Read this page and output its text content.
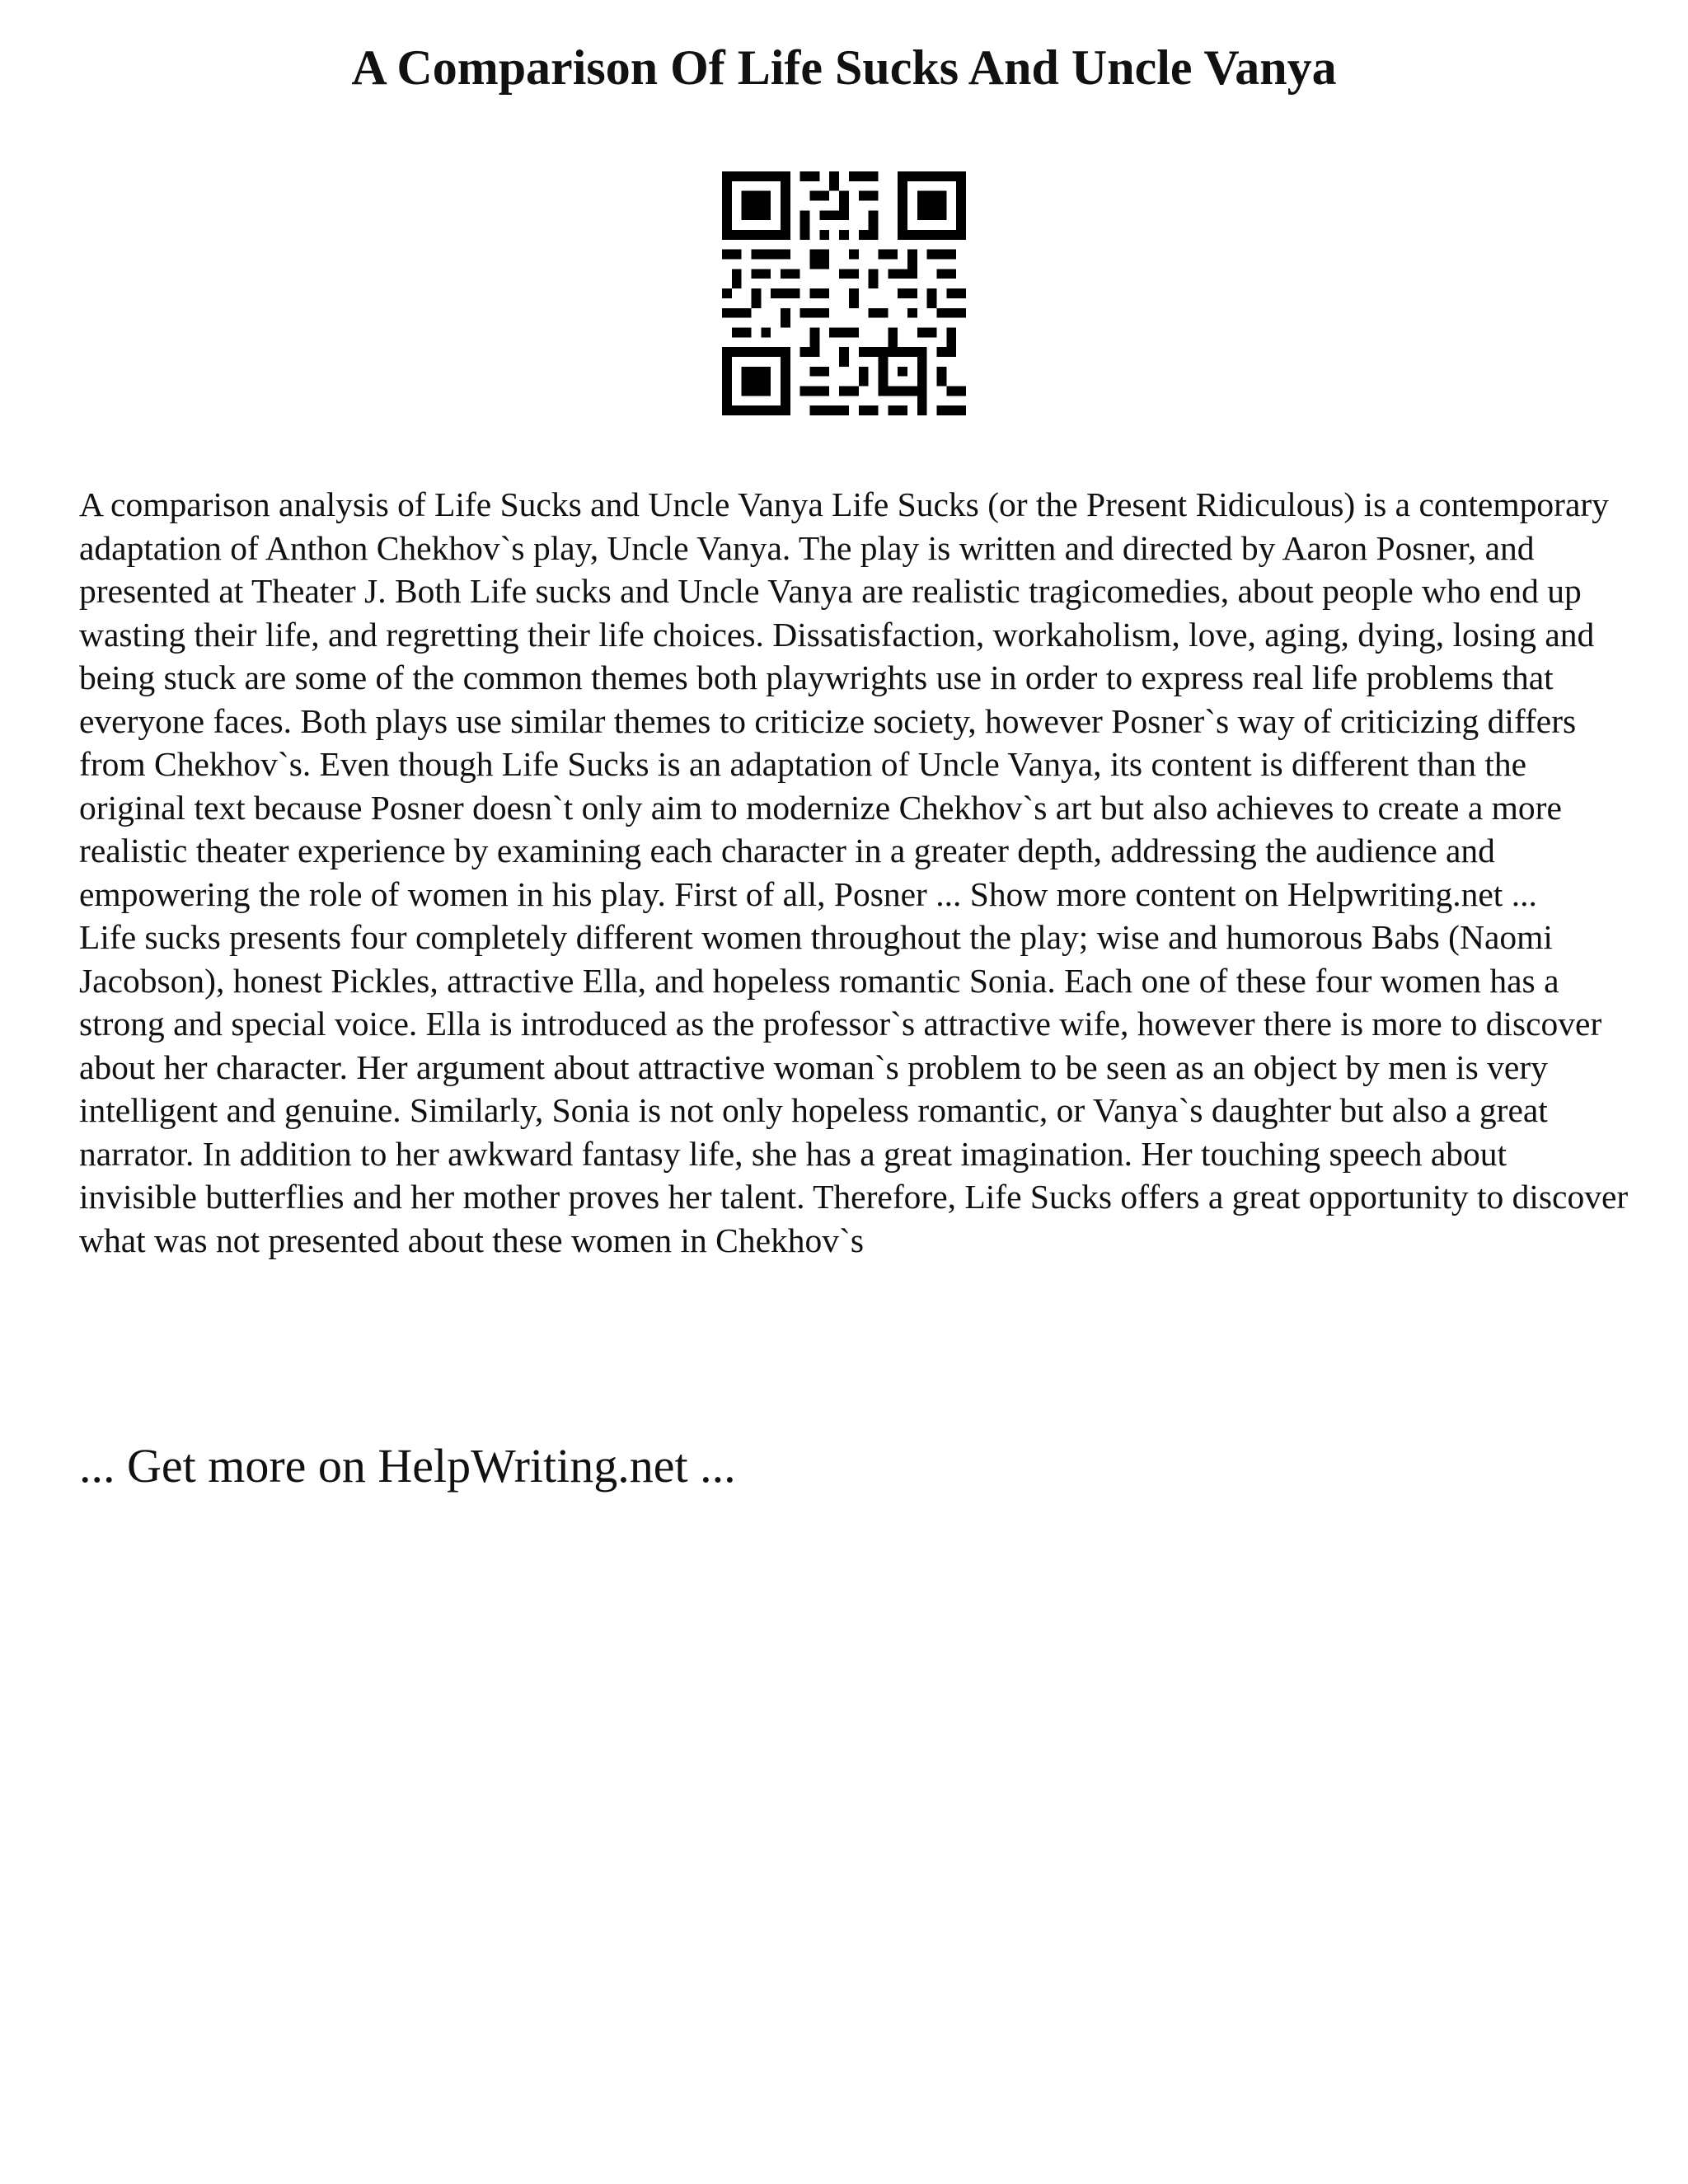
A Comparison Of Life Sucks And Uncle Vanya

A comparison analysis of Life Sucks and Uncle Vanya Life Sucks (or the Present Ridiculous) is a contemporary adaptation of Anthon Chekhov`s play, Uncle Vanya. The play is written and directed by Aaron Posner, and presented at Theater J. Both Life sucks and Uncle Vanya are realistic tragicomedies, about people who end up wasting their life, and regretting their life choices. Dissatisfaction, workaholism, love, aging, dying, losing and being stuck are some of the common themes both playwrights use in order to express real life problems that everyone faces. Both plays use similar themes to criticize society, however Posner`s way of criticizing differs from Chekhov`s. Even though Life Sucks is an adaptation of Uncle Vanya, its content is different than the original text because Posner doesn`t only aim to modernize Chekhov`s art but also achieves to create a more realistic theater experience by examining each character in a greater depth, addressing the audience and empowering the role of women in his play. First of all, Posner ... Show more content on Helpwriting.net ...

Life sucks presents four completely different women throughout the play; wise and humorous Babs (Naomi Jacobson), honest Pickles, attractive Ella, and hopeless romantic Sonia. Each one of these four women has a strong and special voice. Ella is introduced as the professor`s attractive wife, however there is more to discover about her character. Her argument about attractive woman`s problem to be seen as an object by men is very intelligent and genuine. Similarly, Sonia is not only hopeless romantic, or Vanya`s daughter but also a great narrator. In addition to her awkward fantasy life, she has a great imagination. Her touching speech about invisible butterflies and her mother proves her talent. Therefore, Life Sucks offers a great opportunity to discover what was not presented about these women in Chekhov`s

... Get more on HelpWriting.net ...
